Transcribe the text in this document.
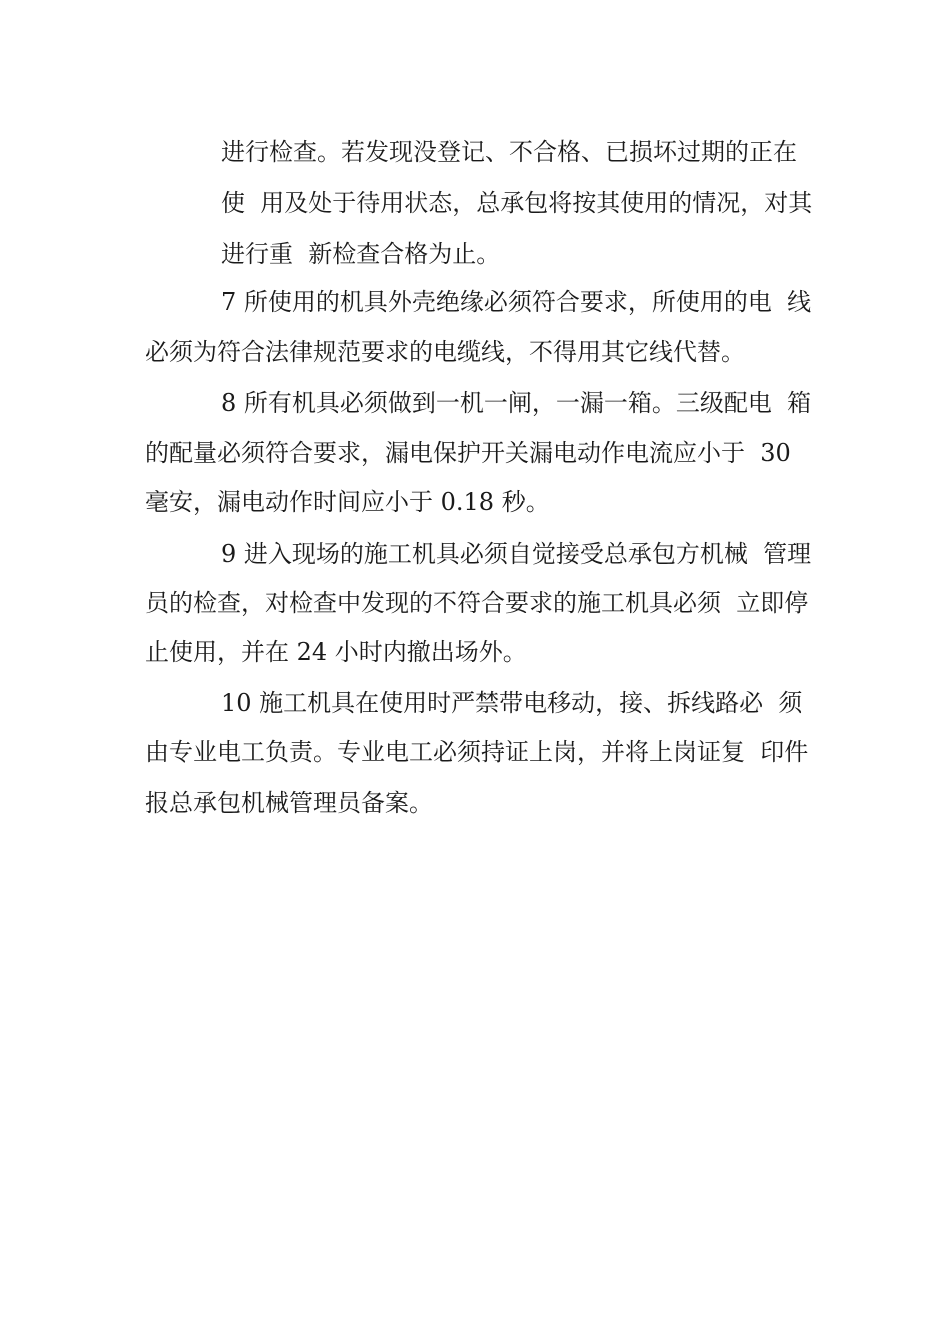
进行检查。若发现没登记、不合格、已损坏过期的正在
使  用及处于待用状态，总承包将按其使用的情况，对其
进行重  新检查合格为止。
7 所使用的机具外壳绝缘必须符合要求，所使用的电  线
必须为符合法律规范要求的电缆线，不得用其它线代替。
8 所有机具必须做到一机一闸，一漏一箱。三级配电  箱
的配量必须符合要求，漏电保护开关漏电动作电流应小于  30
毫安，漏电动作时间应小于 0.18 秒。
9 进入现场的施工机具必须自觉接受总承包方机械  管理
员的检查，对检查中发现的不符合要求的施工机具必须  立即停
止使用，并在 24 小时内撤出场外。
10 施工机具在使用时严禁带电移动，接、拆线路必  须
由专业电工负责。专业电工必须持证上岗，并将上岗证复  印件
报总承包机械管理员备案。
